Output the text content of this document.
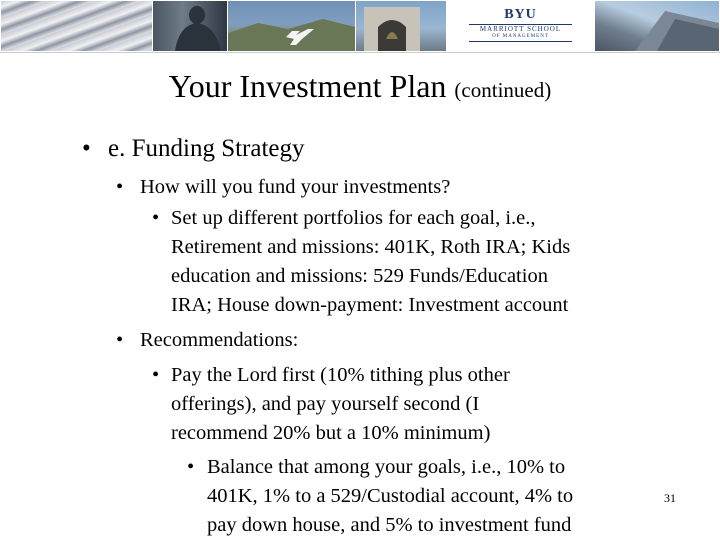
BYU
MARRIOTT SCHOOL
OF MANAGEMENT
Your Investment Plan (continued)
• e. Funding Strategy
• How will you fund your investments?
• Set up different portfolios for each goal, i.e.,
Retirement and missions: 401K, Roth IRA; Kids
education and missions: 529 Funds/Education
IRA; House down-payment: Investment account
• Recommendations:
• Pay the Lord first (10% tithing plus other
offerings), and pay yourself second (I
recommend 20% but a 10% minimum)
• Balance that among your goals, i.e., 10% to
401K, 1% to a 529/Custodial account, 4% to
pay down house, and 5% to investment fund
31
